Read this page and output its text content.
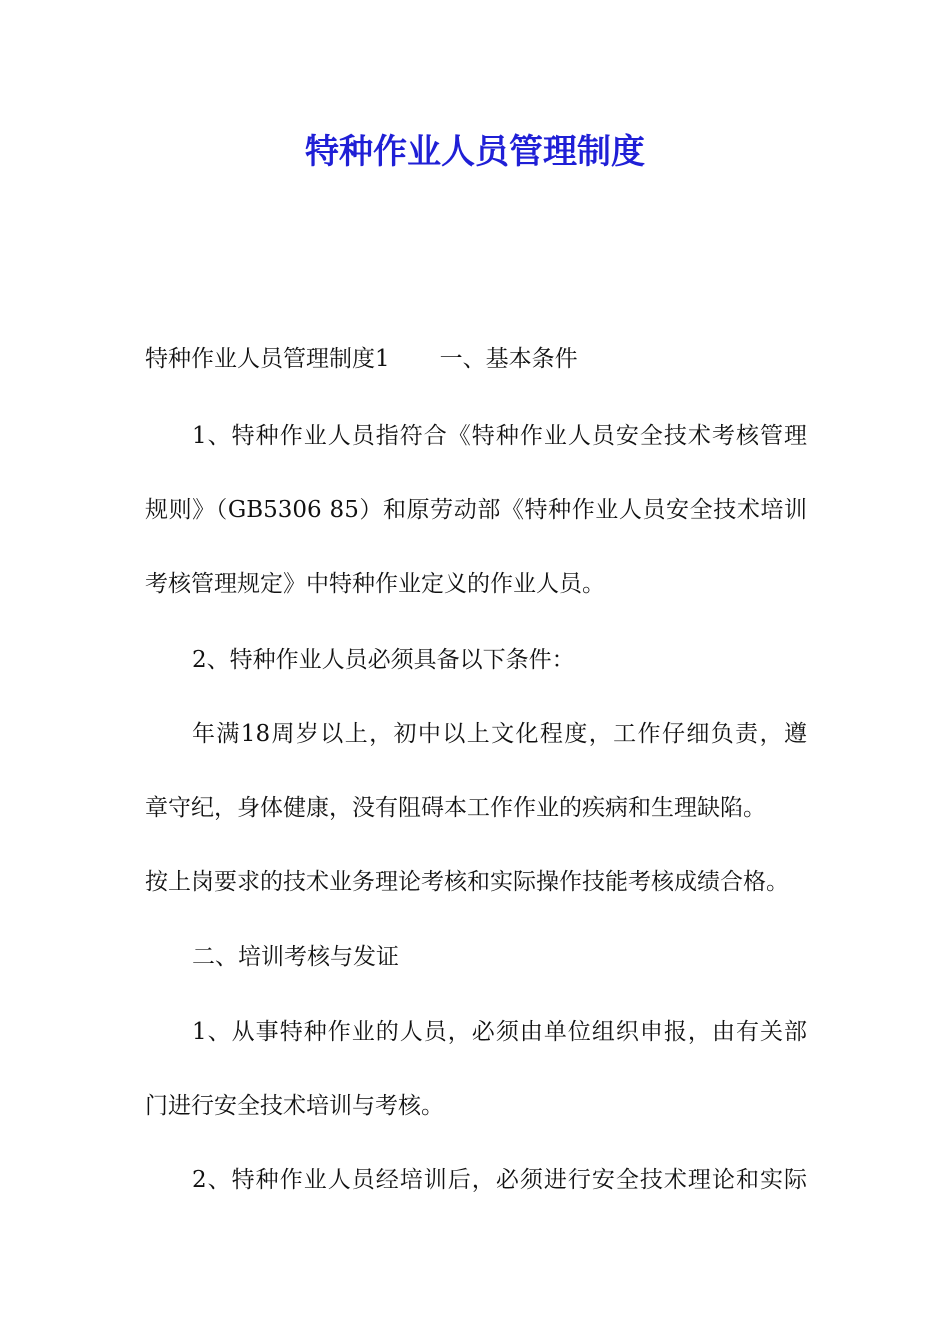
特种作业人员管理制度

特种作业人员管理制度1 一、基本条件

1、特种作业人员指符合《特种作业人员安全技术考核管理

规则》（GB5306 85）和原劳动部《特种作业人员安全技术培训

考核管理规定》中特种作业定义的作业人员。

2、特种作业人员必须具备以下条件：

年满18周岁以上，初中以上文化程度，工作仔细负责，遵

章守纪，身体健康，没有阻碍本工作作业的疾病和生理缺陷。

按上岗要求的技术业务理论考核和实际操作技能考核成绩合格。

二、培训考核与发证

1、从事特种作业的人员，必须由单位组织申报，由有关部

门进行安全技术培训与考核。

2、特种作业人员经培训后，必须进行安全技术理论和实际
